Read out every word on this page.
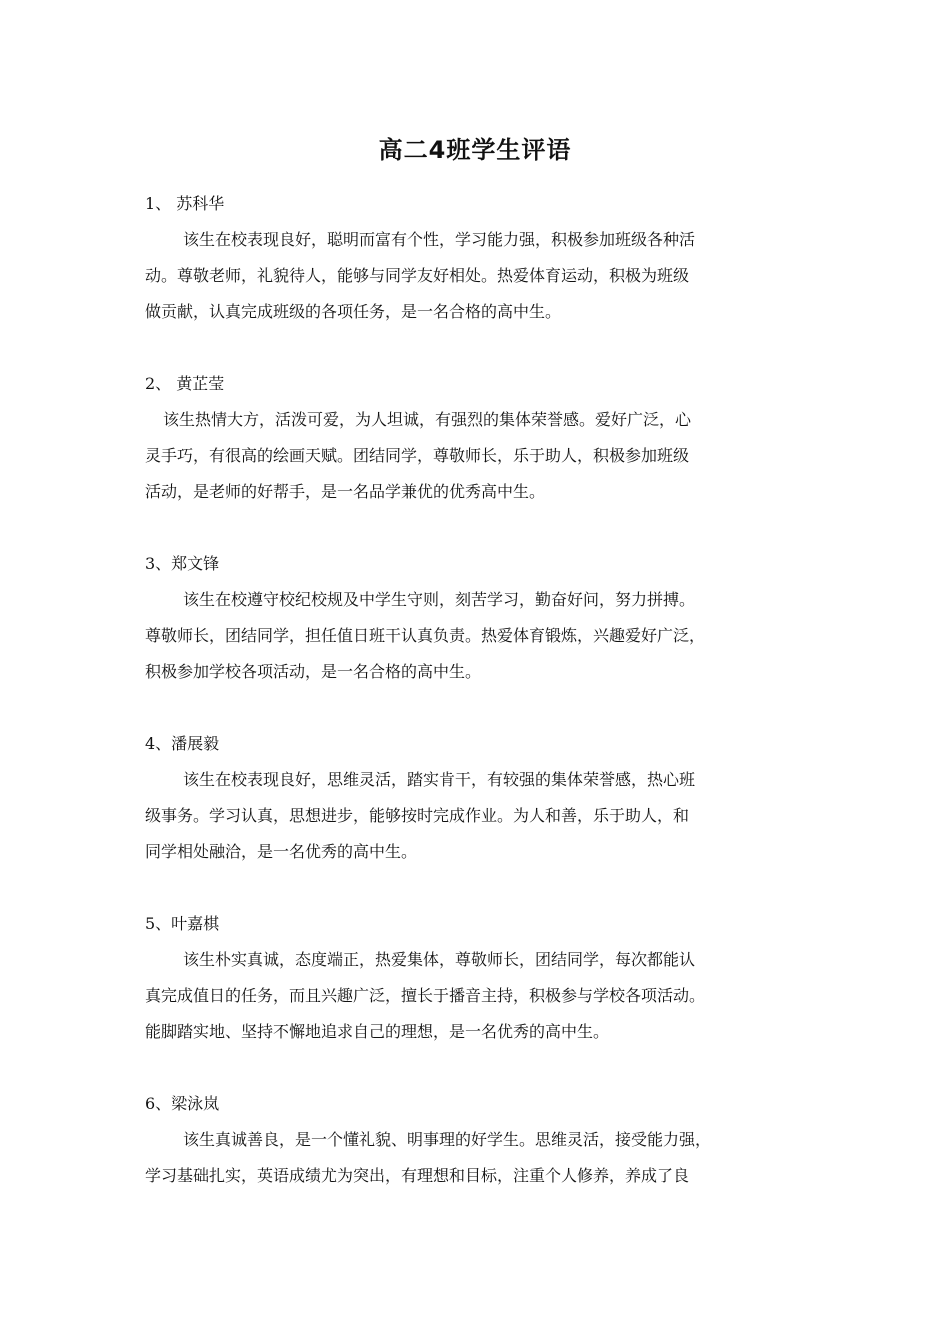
高二4班学生评语
1、 苏科华
该生在校表现良好，聪明而富有个性，学习能力强，积极参加班级各种活
动。尊敬老师，礼貌待人，能够与同学友好相处。热爱体育运动，积极为班级
做贡献，认真完成班级的各项任务，是一名合格的高中生。
2、 黄芷莹
该生热情大方，活泼可爱，为人坦诚，有强烈的集体荣誉感。爱好广泛，心
灵手巧，有很高的绘画天赋。团结同学，尊敬师长，乐于助人，积极参加班级
活动，是老师的好帮手，是一名品学兼优的优秀高中生。
3、郑文锋
该生在校遵守校纪校规及中学生守则，刻苦学习，勤奋好问，努力拼搏。
尊敬师长，团结同学，担任值日班干认真负责。热爱体育锻炼，兴趣爱好广泛，
积极参加学校各项活动，是一名合格的高中生。
4、潘展毅
该生在校表现良好，思维灵活，踏实肯干，有较强的集体荣誉感，热心班
级事务。学习认真，思想进步，能够按时完成作业。为人和善，乐于助人，和
同学相处融洽，是一名优秀的高中生。
5、叶嘉棋
该生朴实真诚，态度端正，热爱集体，尊敬师长，团结同学，每次都能认
真完成值日的任务，而且兴趣广泛，擅长于播音主持，积极参与学校各项活动。
能脚踏实地、坚持不懈地追求自己的理想，是一名优秀的高中生。
6、梁泳岚
该生真诚善良，是一个懂礼貌、明事理的好学生。思维灵活，接受能力强，
学习基础扎实，英语成绩尤为突出，有理想和目标，注重个人修养，养成了良
